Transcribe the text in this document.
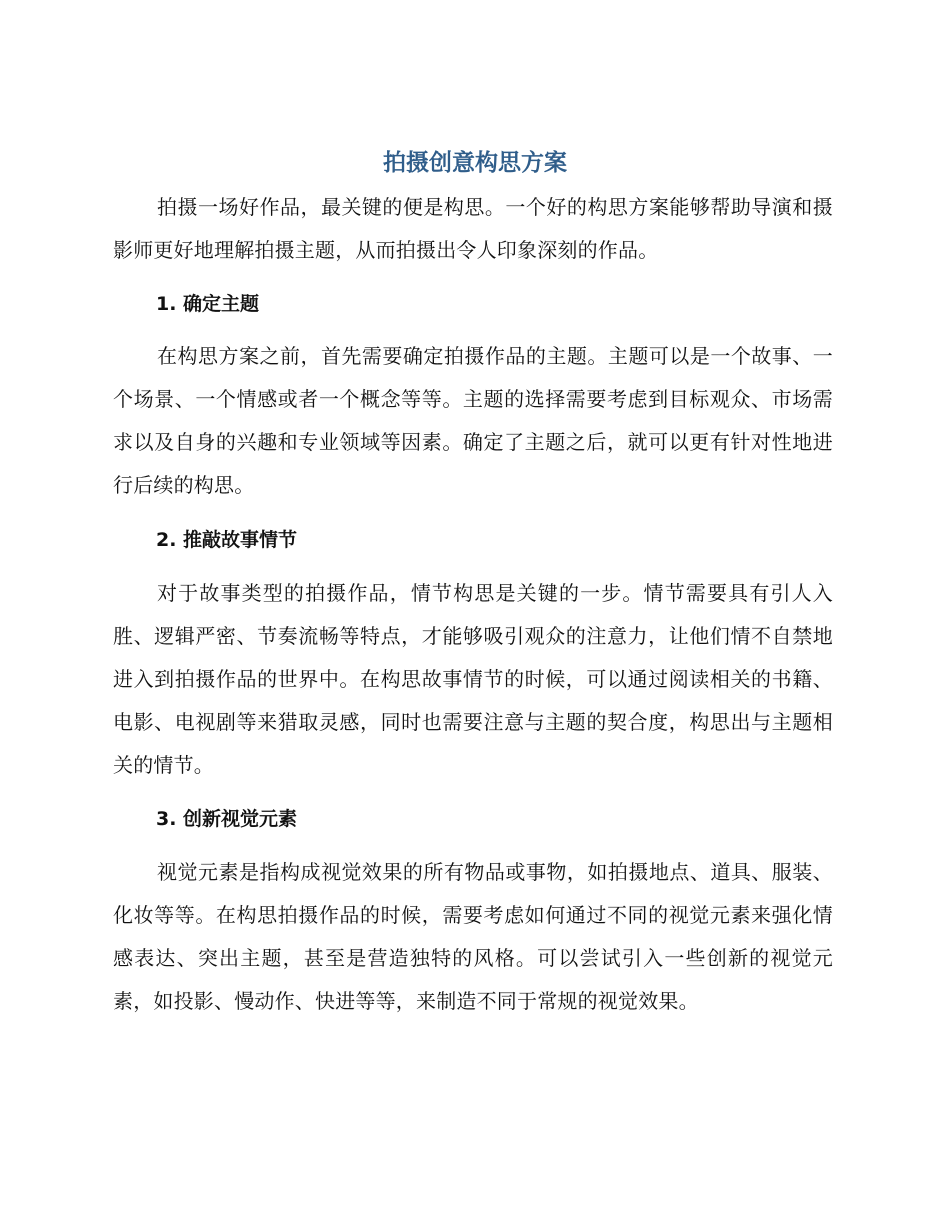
拍摄创意构思方案

拍摄一场好作品，最关键的便是构思。一个好的构思方案能够帮助导演和摄影师更好地理解拍摄主题，从而拍摄出令人印象深刻的作品。

1. 确定主题

在构思方案之前，首先需要确定拍摄作品的主题。主题可以是一个故事、一个场景、一个情感或者一个概念等等。主题的选择需要考虑到目标观众、市场需求以及自身的兴趣和专业领域等因素。确定了主题之后，就可以更有针对性地进行后续的构思。

2. 推敲故事情节

对于故事类型的拍摄作品，情节构思是关键的一步。情节需要具有引人入胜、逻辑严密、节奏流畅等特点，才能够吸引观众的注意力，让他们情不自禁地进入到拍摄作品的世界中。在构思故事情节的时候，可以通过阅读相关的书籍、电影、电视剧等来猎取灵感，同时也需要注意与主题的契合度，构思出与主题相关的情节。

3. 创新视觉元素

视觉元素是指构成视觉效果的所有物品或事物，如拍摄地点、道具、服装、化妆等等。在构思拍摄作品的时候，需要考虑如何通过不同的视觉元素来强化情感表达、突出主题，甚至是营造独特的风格。可以尝试引入一些创新的视觉元素，如投影、慢动作、快进等等，来制造不同于常规的视觉效果。
